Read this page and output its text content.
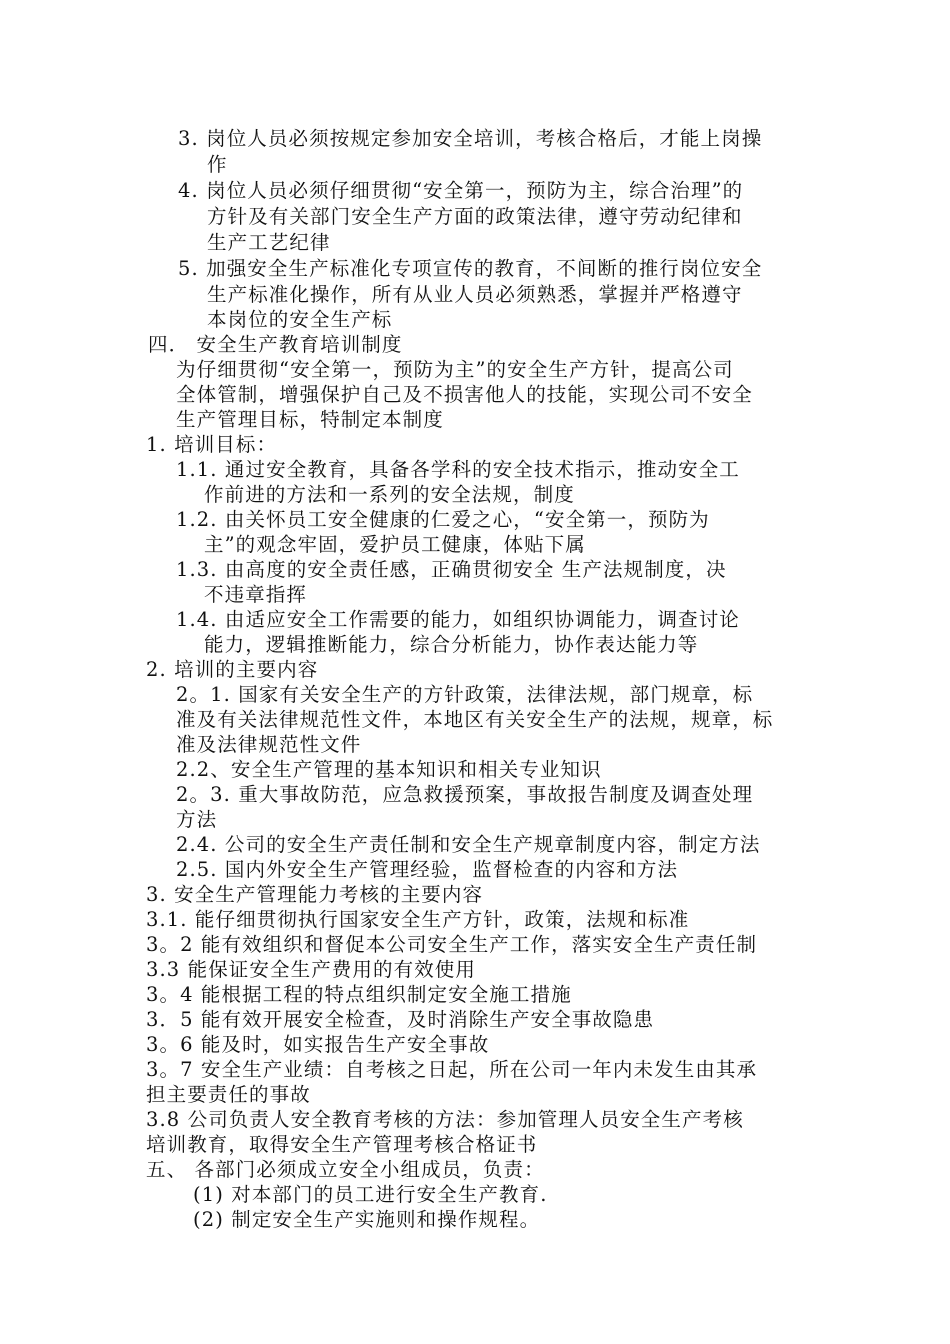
3. 岗位人员必须按规定参加安全培训，考核合格后，才能上岗操
作
4. 岗位人员必须仔细贯彻“安全第一，预防为主，综合治理”的
方针及有关部门安全生产方面的政策法律，遵守劳动纪律和
生产工艺纪律
5. 加强安全生产标准化专项宣传的教育，不间断的推行岗位安全
生产标准化操作，所有从业人员必须熟悉，掌握并严格遵守
本岗位的安全生产标
四． 安全生产教育培训制度
为仔细贯彻“安全第一，预防为主”的安全生产方针，提高公司
全体管制，增强保护自己及不损害他人的技能，实现公司不安全
生产管理目标，特制定本制度
1. 培训目标：
1.1. 通过安全教育，具备各学科的安全技术指示，推动安全工
作前进的方法和一系列的安全法规，制度
1.2. 由关怀员工安全健康的仁爱之心，“安全第一，预防为
主”的观念牢固，爱护员工健康，体贴下属
1.3. 由高度的安全责任感，正确贯彻安全 生产法规制度，决
不违章指挥
1.4. 由适应安全工作需要的能力，如组织协调能力，调查讨论
能力，逻辑推断能力，综合分析能力，协作表达能力等
2. 培训的主要内容
2。1. 国家有关安全生产的方针政策，法律法规，部门规章，标
准及有关法律规范性文件，本地区有关安全生产的法规，规章，标
准及法律规范性文件
2.2、安全生产管理的基本知识和相关专业知识
2。3. 重大事故防范，应急救援预案，事故报告制度及调查处理
方法
2.4. 公司的安全生产责任制和安全生产规章制度内容，制定方法
2.5. 国内外安全生产管理经验，监督检查的内容和方法
3. 安全生产管理能力考核的主要内容
3.1. 能仔细贯彻执行国家安全生产方针，政策，法规和标准
3。2 能有效组织和督促本公司安全生产工作，落实安全生产责任制
3.3 能保证安全生产费用的有效使用
3。4 能根据工程的特点组织制定安全施工措施
3．5 能有效开展安全检查，及时消除生产安全事故隐患
3。6 能及时，如实报告生产安全事故
3。7 安全生产业绩：自考核之日起，所在公司一年内未发生由其承
担主要责任的事故
3.8 公司负责人安全教育考核的方法：参加管理人员安全生产考核
培训教育，取得安全生产管理考核合格证书
五、 各部门必须成立安全小组成员，负责：
(1) 对本部门的员工进行安全生产教育.
(2) 制定安全生产实施则和操作规程。
